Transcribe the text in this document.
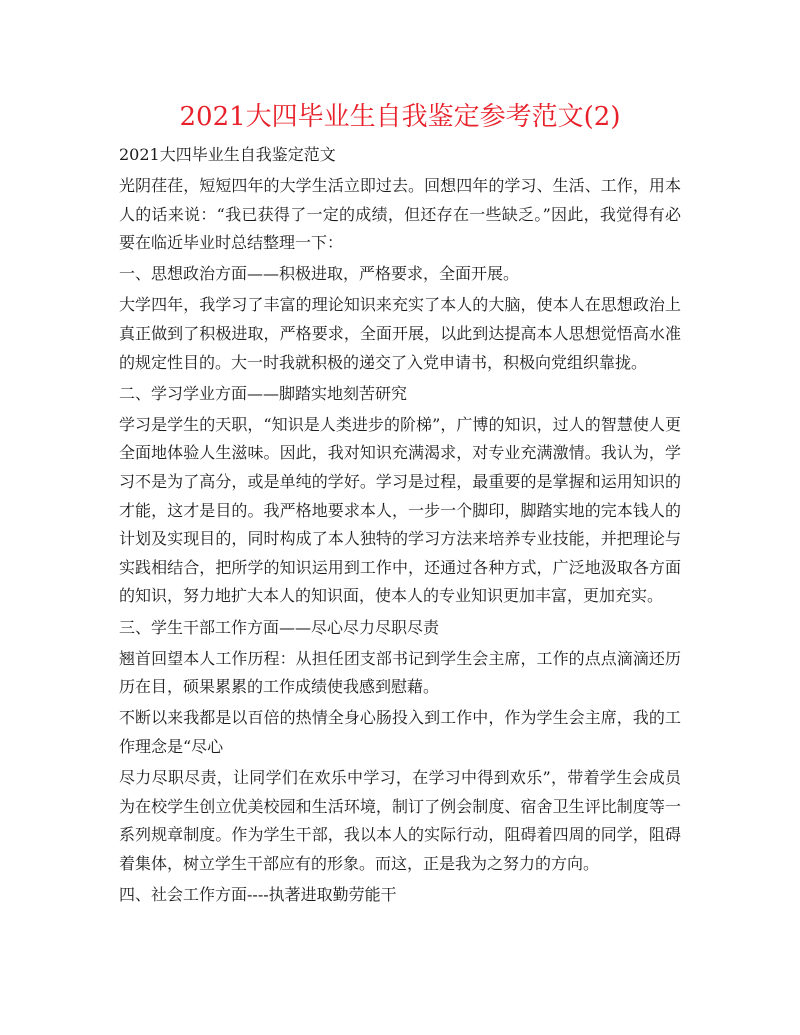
2021大四毕业生自我鉴定参考范文(2)

2021大四毕业生自我鉴定范文

光阴荏荏，短短四年的大学生活立即过去。回想四年的学习、生活、工作，用本人的话来说：“我已获得了一定的成绩，但还存在一些缺乏。”因此，我觉得有必要在临近毕业时总结整理一下：

一、思想政治方面——积极进取，严格要求，全面开展。

大学四年，我学习了丰富的理论知识来充实了本人的大脑，使本人在思想政治上真正做到了积极进取，严格要求，全面开展，以此到达提高本人思想觉悟高水准的规定性目的。大一时我就积极的递交了入党申请书，积极向党组织靠拢。

二、学习学业方面——脚踏实地刻苦研究

学习是学生的天职，“知识是人类进步的阶梯”，广博的知识，过人的智慧使人更全面地体验人生滋味。因此，我对知识充满渴求，对专业充满激情。我认为，学习不是为了高分，或是单纯的学好。学习是过程，最重要的是掌握和运用知识的才能，这才是目的。我严格地要求本人，一步一个脚印，脚踏实地的完本钱人的计划及实现目的，同时构成了本人独特的学习方法来培养专业技能，并把理论与实践相结合，把所学的知识运用到工作中，还通过各种方式，广泛地汲取各方面的知识，努力地扩大本人的知识面，使本人的专业知识更加丰富，更加充实。

三、学生干部工作方面——尽心尽力尽职尽责

翘首回望本人工作历程：从担任团支部书记到学生会主席，工作的点点滴滴还历历在目，硕果累累的工作成绩使我感到慰藉。

不断以来我都是以百倍的热情全身心肠投入到工作中，作为学生会主席，我的工作理念是“尽心

尽力尽职尽责，让同学们在欢乐中学习，在学习中得到欢乐”，带着学生会成员为在校学生创立优美校园和生活环境，制订了例会制度、宿舍卫生评比制度等一系列规章制度。作为学生干部，我以本人的实际行动，阻碍着四周的同学，阻碍着集体，树立学生干部应有的形象。而这，正是我为之努力的方向。

四、社会工作方面----执著进取勤劳能干
